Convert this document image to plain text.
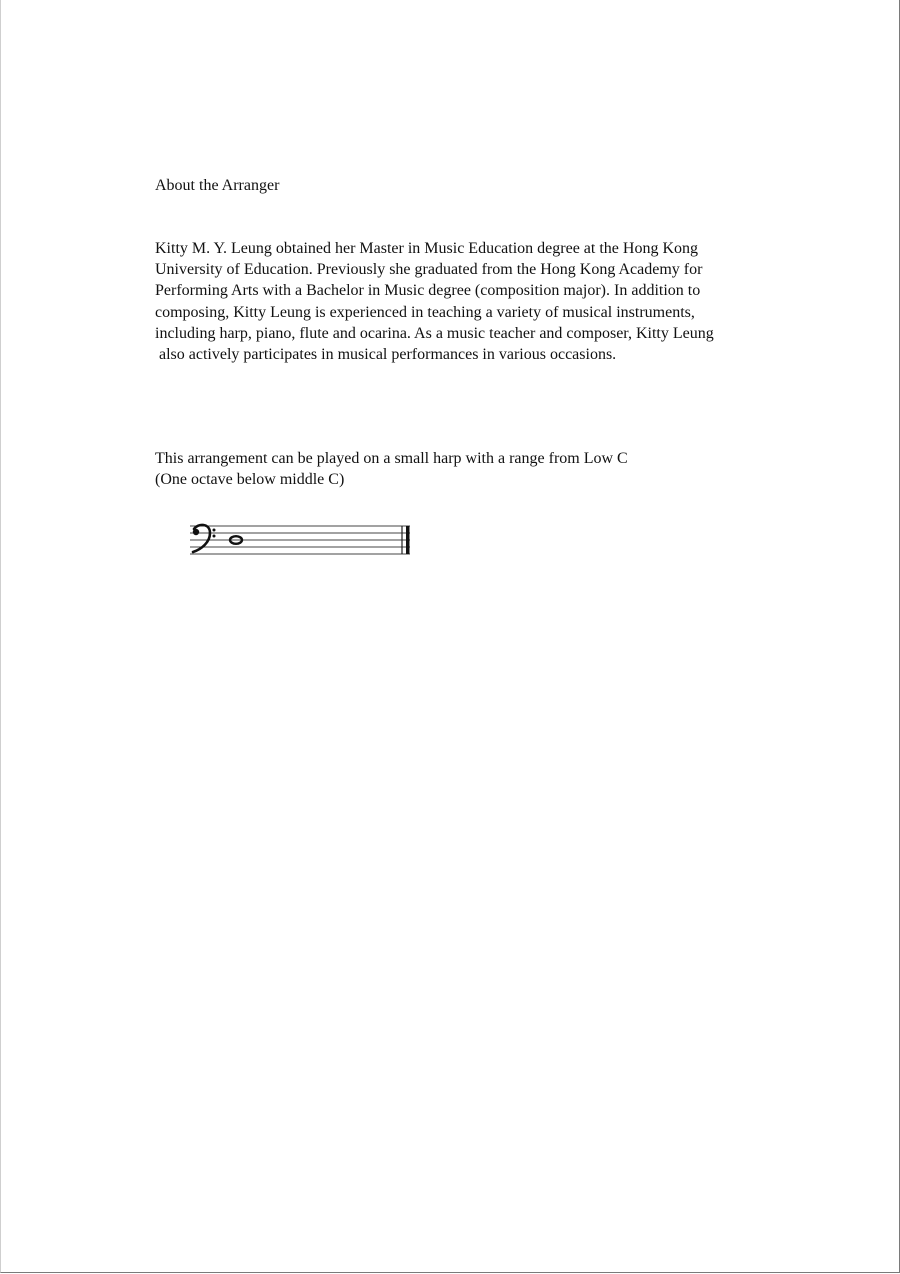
About the Arranger
Kitty M. Y. Leung obtained her Master in Music Education degree at the Hong Kong
University of Education. Previously she graduated from the Hong Kong Academy for
Performing Arts with a Bachelor in Music degree (composition major). In addition to
composing, Kitty Leung is experienced in teaching a variety of musical instruments,
including harp, piano, flute and ocarina. As a music teacher and composer, Kitty Leung
also actively participates in musical performances in various occasions.
This arrangement can be played on a small harp with a range from Low C
(One octave below middle C)
